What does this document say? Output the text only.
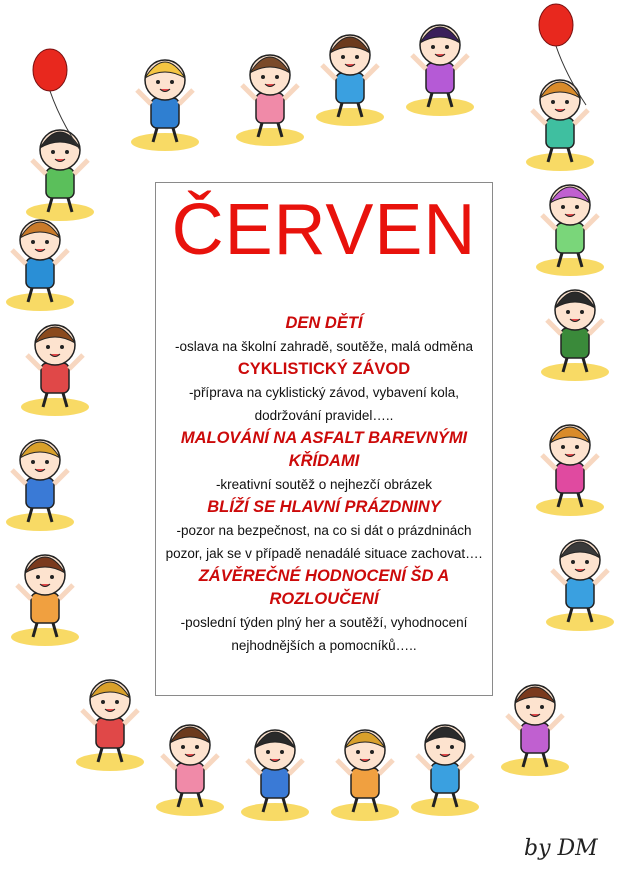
ČERVEN
DEN DĚTÍ
-oslava na školní zahradě, soutěže, malá odměna
CYKLISTICKÝ ZÁVOD
-příprava na cyklistický závod, vybavení kola,
dodržování pravidel…..
MALOVÁNÍ NA ASFALT BAREVNÝMI
KŘÍDAMI
-kreativní soutěž o nejhezčí obrázek
BLÍŽÍ SE HLAVNÍ PRÁZDNINY
-pozor na bezpečnost, na co si dát o prázdninách
pozor, jak se v případě nenadálé situace zachovat….
ZÁVĚREČNÉ HODNOCENÍ ŠD A
ROZLOUČENÍ
-poslední týden plný her a soutěží, vyhodnocení
nejhodnějších a pomocníků…..
by DM
